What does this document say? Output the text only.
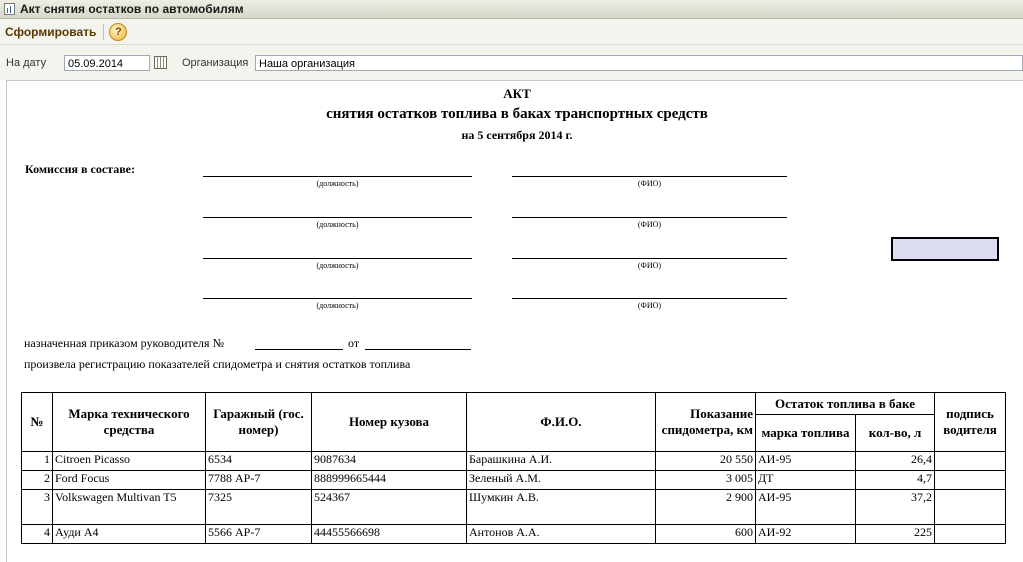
Акт снятия остатков по автомобилям
Сформировать	?
На дату	05.09.2014	Организация Наша организация
АКТ
снятия остатков топлива в баках транспортных средств
на 5 сентября 2014 г.
Комиссия в составе:
(должность)	(ФИО)
(должность)	(ФИО)
(должность)	(ФИО)
(должность)	(ФИО)
назначенная приказом руководителя №	от
произвела регистрацию показателей спидометра и снятия остатков топлива
№	Марка технического средства	Гаражный (гос. номер)	Номер кузова	Ф.И.О.	Показание спидометра, км	Остаток топлива в баке		подпись водителя
						марка топлива	кол-во, л	
1	Citroen Picasso	6534	9087634	Барашкина А.И.	20 550	АИ-95	26,4	
2	Ford Focus	7788 АР-7	888999665444	Зеленый А.М.	3 005	ДТ	4,7	
3	Volkswagen Multivan T5	7325	524367	Шумкин А.В.	2 900	АИ-95	37,2	
4	Ауди А4	5566 АР-7	44455566698	Антонов А.А.	600	АИ-92	225	
